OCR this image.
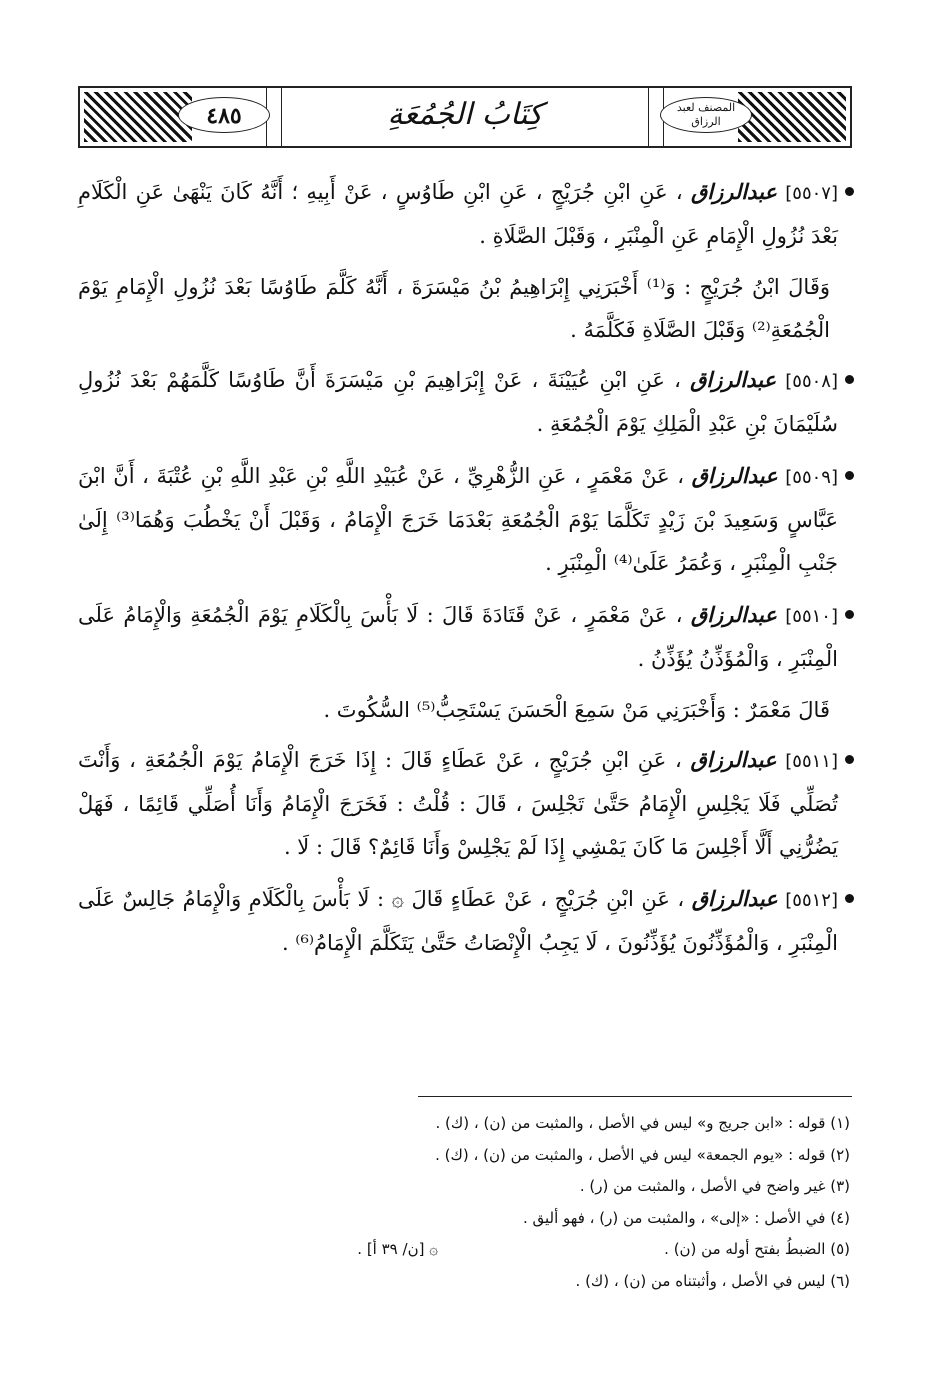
كِتَابُ الجُمُعَةِ
٤٨٥	المصنف لعبد الرزاق
[٥٥٠٧] عبدالرزاق ، عَنِ ابْنِ جُرَيْجٍ ، عَنِ ابْنِ طَاوُسٍ ، عَنْ أَبِيهِ ؛ أَنَّهُ كَانَ يَنْهَىٰ عَنِ الْكَلَامِ بَعْدَ نُزُولِ الْإِمَامِ عَنِ الْمِنْبَرِ ، وَقَبْلَ الصَّلَاةِ .
وَقَالَ ابْنُ جُرَيْجٍ : وَ⁽¹⁾ أَخْبَرَنِي إِبْرَاهِيمُ بْنُ مَيْسَرَةَ ، أَنَّهُ كَلَّمَ طَاوُسًا بَعْدَ نُزُولِ الْإِمَامِ يَوْمَ الْجُمُعَةِ⁽²⁾ وَقَبْلَ الصَّلَاةِ فَكَلَّمَهُ .
[٥٥٠٨] عبدالرزاق ، عَنِ ابْنِ عُيَيْنَةَ ، عَنْ إِبْرَاهِيمَ بْنِ مَيْسَرَةَ أَنَّ طَاوُسًا كَلَّمَهُمْ بَعْدَ نُزُولِ سُلَيْمَانَ بْنِ عَبْدِ الْمَلِكِ يَوْمَ الْجُمُعَةِ .
[٥٥٠٩] عبدالرزاق ، عَنْ مَعْمَرٍ ، عَنِ الزُّهْرِيِّ ، عَنْ عُبَيْدِ اللَّهِ بْنِ عَبْدِ اللَّهِ بْنِ عُتْبَةَ ، أَنَّ ابْنَ عَبَّاسٍ وَسَعِيدَ بْنَ زَيْدٍ تَكَلَّمَا يَوْمَ الْجُمُعَةِ بَعْدَمَا خَرَجَ الْإِمَامُ ، وَقَبْلَ أَنْ يَخْطُبَ وَهُمَا⁽³⁾ إِلَىٰ جَنْبِ الْمِنْبَرِ ، وَعُمَرُ عَلَىٰ⁽⁴⁾ الْمِنْبَرِ .
[٥٥١٠] عبدالرزاق ، عَنْ مَعْمَرٍ ، عَنْ قَتَادَةَ قَالَ : لَا بَأْسَ بِالْكَلَامِ يَوْمَ الْجُمُعَةِ وَالْإِمَامُ عَلَى الْمِنْبَرِ ، وَالْمُؤَذِّنُ يُؤَذِّنُ .
قَالَ مَعْمَرٌ : وَأَخْبَرَنِي مَنْ سَمِعَ الْحَسَنَ يَسْتَحِبُّ⁽⁵⁾ السُّكُوتَ .
[٥٥١١] عبدالرزاق ، عَنِ ابْنِ جُرَيْجٍ ، عَنْ عَطَاءٍ قَالَ : إِذَا خَرَجَ الْإِمَامُ يَوْمَ الْجُمُعَةِ ، وَأَنْتَ تُصَلِّي فَلَا يَجْلِسِ الْإِمَامُ حَتَّىٰ تَجْلِسَ ، قَالَ : قُلْتُ : فَخَرَجَ الْإِمَامُ وَأَنَا أُصَلِّي قَائِمًا ، فَهَلْ يَضُرُّنِي أَلَّا أَجْلِسَ مَا كَانَ يَمْشِي إِذَا لَمْ يَجْلِسْ وَأَنَا قَائِمٌ؟ قَالَ : لَا .
[٥٥١٢] عبدالرزاق ، عَنِ ابْنِ جُرَيْجٍ ، عَنْ عَطَاءٍ قَالَ ۞ : لَا بَأْسَ بِالْكَلَامِ وَالْإِمَامُ جَالِسٌ عَلَى الْمِنْبَرِ ، وَالْمُؤَذِّنُونَ يُؤَذِّنُونَ ، لَا يَجِبُ الْإِنْصَاتُ حَتَّىٰ يَتَكَلَّمَ الْإِمَامُ⁽⁶⁾ .
(١) قوله : «ابن جريج و» ليس في الأصل ، والمثبت من (ن) ، (ك) .
(٢) قوله : «يوم الجمعة» ليس في الأصل ، والمثبت من (ن) ، (ك) .
(٣) غير واضح في الأصل ، والمثبت من (ر) .
(٤) في الأصل : «إلى» ، والمثبت من (ر) ، فهو أليق .
(٥) الضبطُ بفتح أوله من (ن) .
۞ [ن/ ٣٩ أ] .
(٦) ليس في الأصل ، وأثبتناه من (ن) ، (ك) .
